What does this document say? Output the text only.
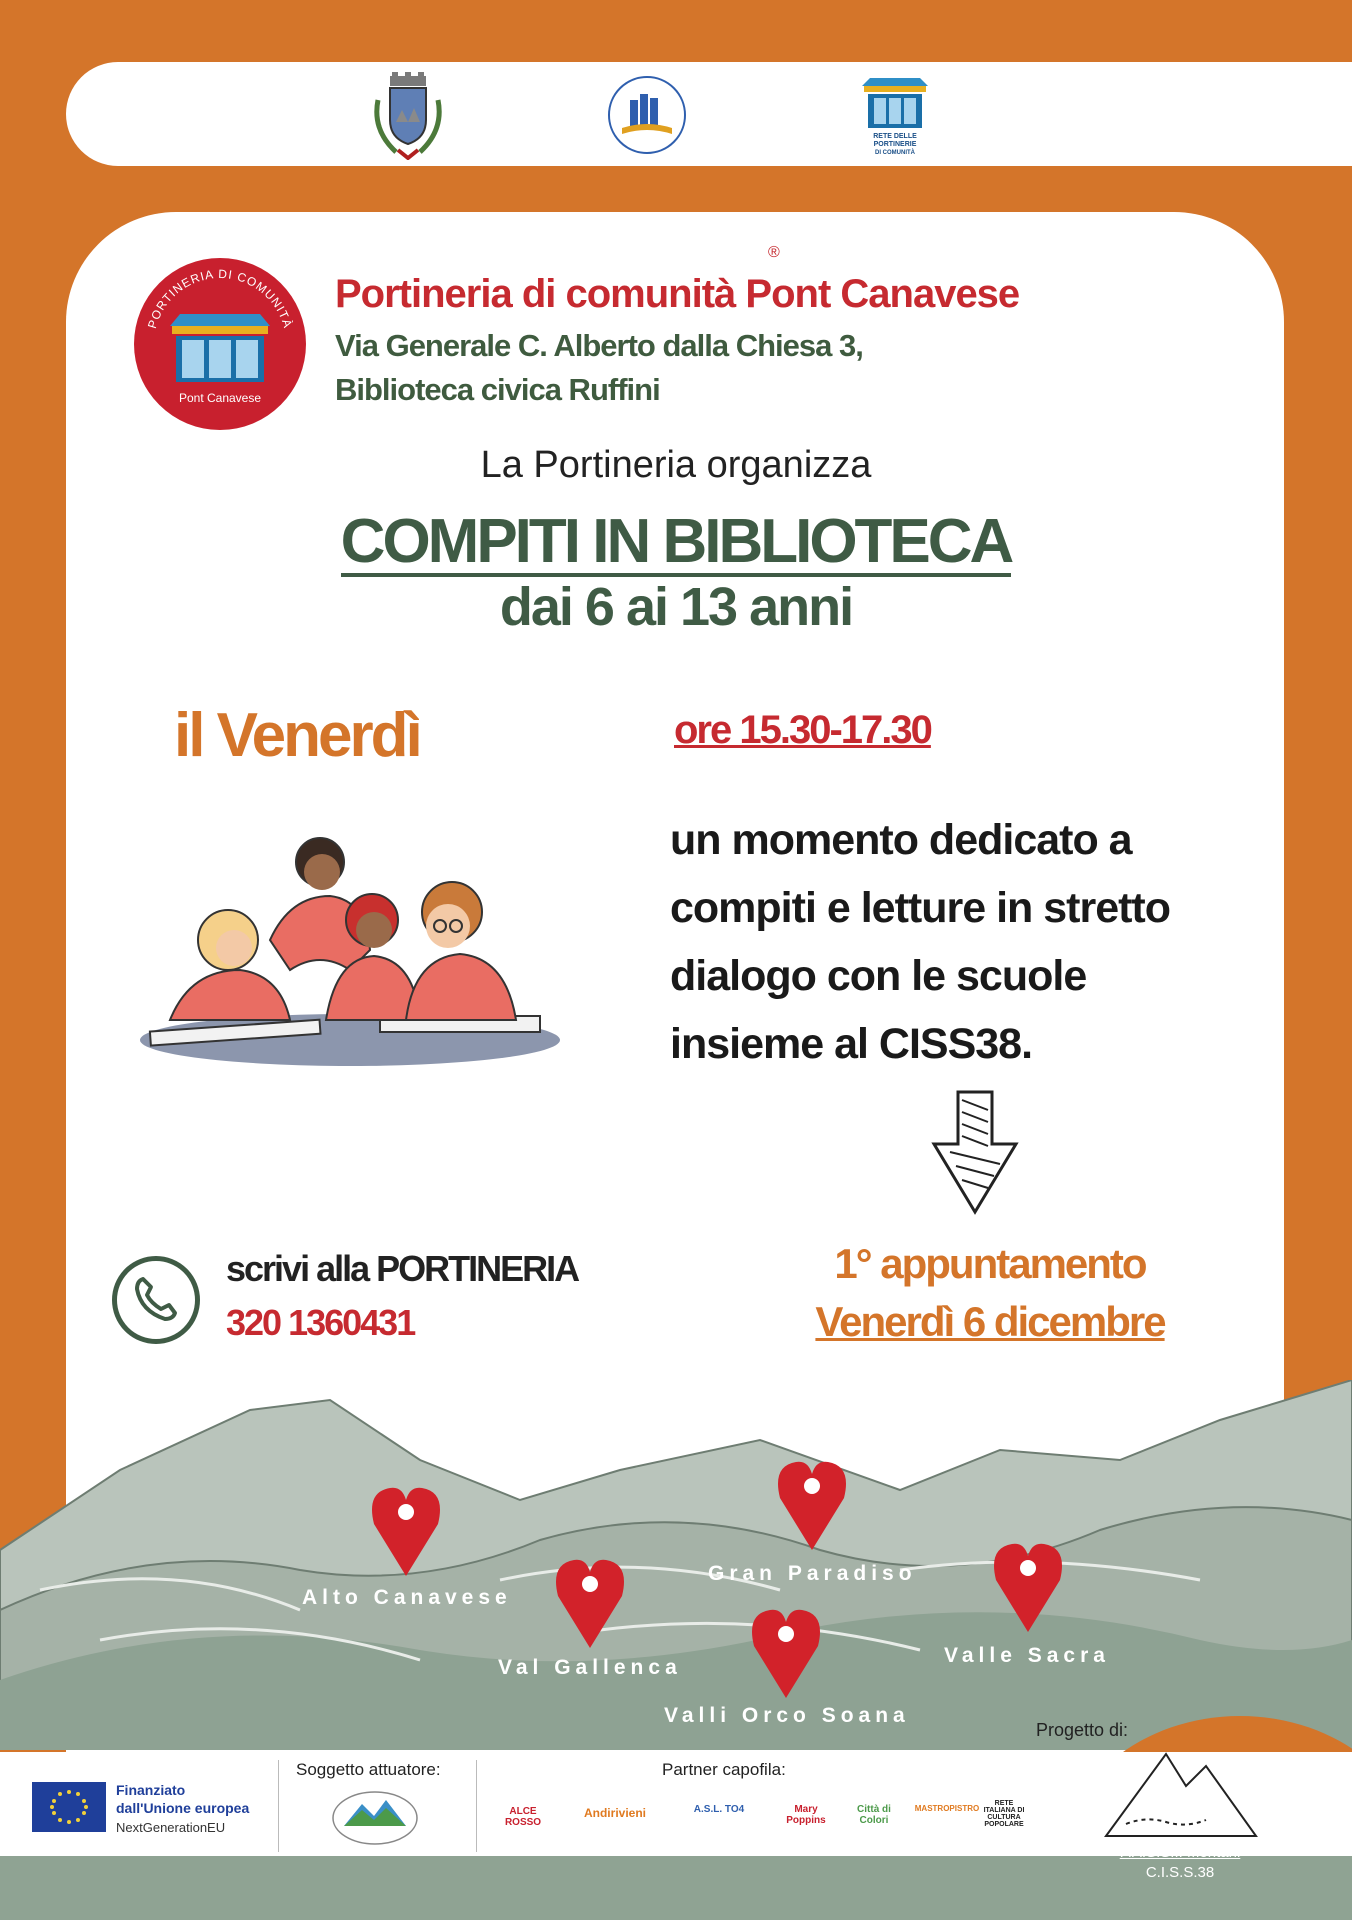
RETE DELLE
PORTINERIE
DI COMUNITÀ
PORTINERIA DI COMUNITÀ
Pont Canavese
®
Portineria di comunità Pont Canavese
Via Generale C. Alberto dalla Chiesa 3,
Biblioteca civica Ruffini
La Portineria organizza
COMPITI IN BIBLIOTECA
dai 6 ai 13 anni
il Venerdì	ore 15.30-17.30
un momento dedicato a compiti e letture in stretto dialogo con le scuole insieme al CISS38.
scrivi alla PORTINERIA
320 1360431
1° appuntamento
Venerdì 6 dicembre
Alto Canavese
Gran Paradiso
Val Gallenca
Valle Sacra
Valli Orco Soana
Finanziato
dall'Unione europea
NextGenerationEU
Soggetto attuatore:	Partner capofila:
ALCE ROSSO
Andirivieni	A.S.L. TO4	Mary Poppins
Città di Colori
MASTROPISTRO
RETE ITALIANA DI CULTURA POPOLARE
Progetto di:
P.A.S.S.I. Montani
C.I.S.S.38
